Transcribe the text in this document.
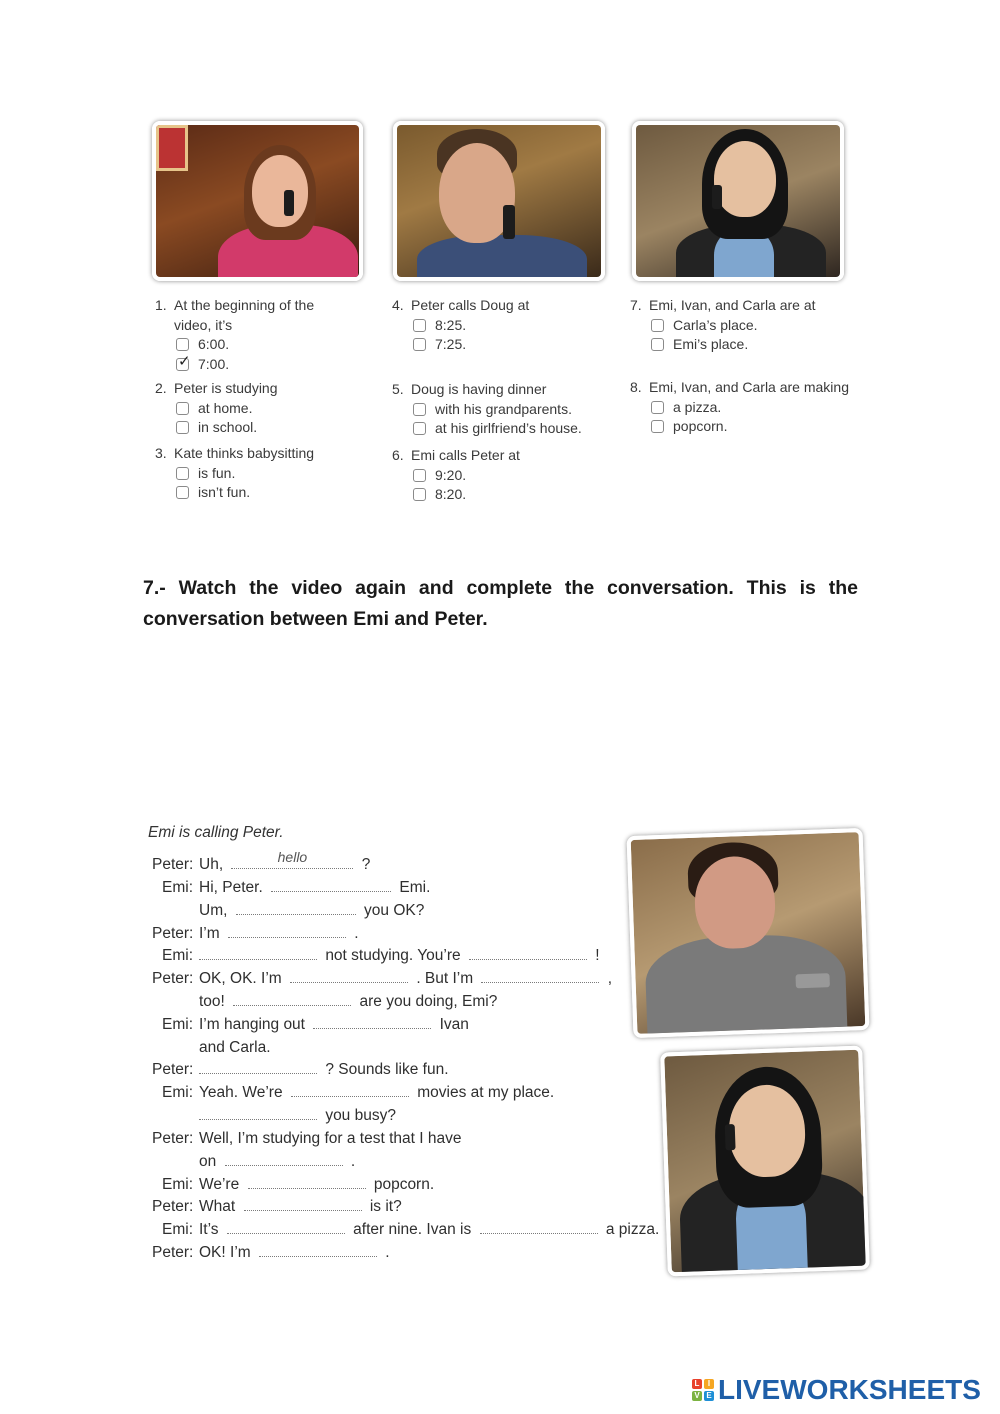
1. At the beginning of the
video, it’s
6:00.
✓ 7:00.
2. Peter is studying
at home.
in school.
3. Kate thinks babysitting
is fun.
isn’t fun.
4. Peter calls Doug at
8:25.
7:25.
5. Doug is having dinner
with his grandparents.
at his girlfriend’s house.
6. Emi calls Peter at
9:20.
8:20.
7. Emi, Ivan, and Carla are at
Carla’s place.
Emi’s place.
8. Emi, Ivan, and Carla are making
a pizza.
popcorn.
7.- Watch the video again and complete the conversation. This is the conversation between Emi and Peter.
Emi is calling Peter.
Peter: Uh,	hello	?
Emi: Hi, Peter.	Emi.
Um,	you OK?
Peter: I’m	.
Emi:	not studying. You’re	!
Peter: OK, OK. I’m	. But I’m	,
too!	are you doing, Emi?
Emi: I’m hanging out	Ivan
and Carla.
Peter:	? Sounds like fun.
Emi: Yeah. We’re	movies at my place.
you busy?
Peter: Well, I’m studying for a test that I have
on	.
Emi: We’re	popcorn.
Peter: What	is it?
Emi: It’s	after nine. Ivan is	a pizza.
Peter: OK! I’m	.
L	I
V E LIVEWORKSHEETS
